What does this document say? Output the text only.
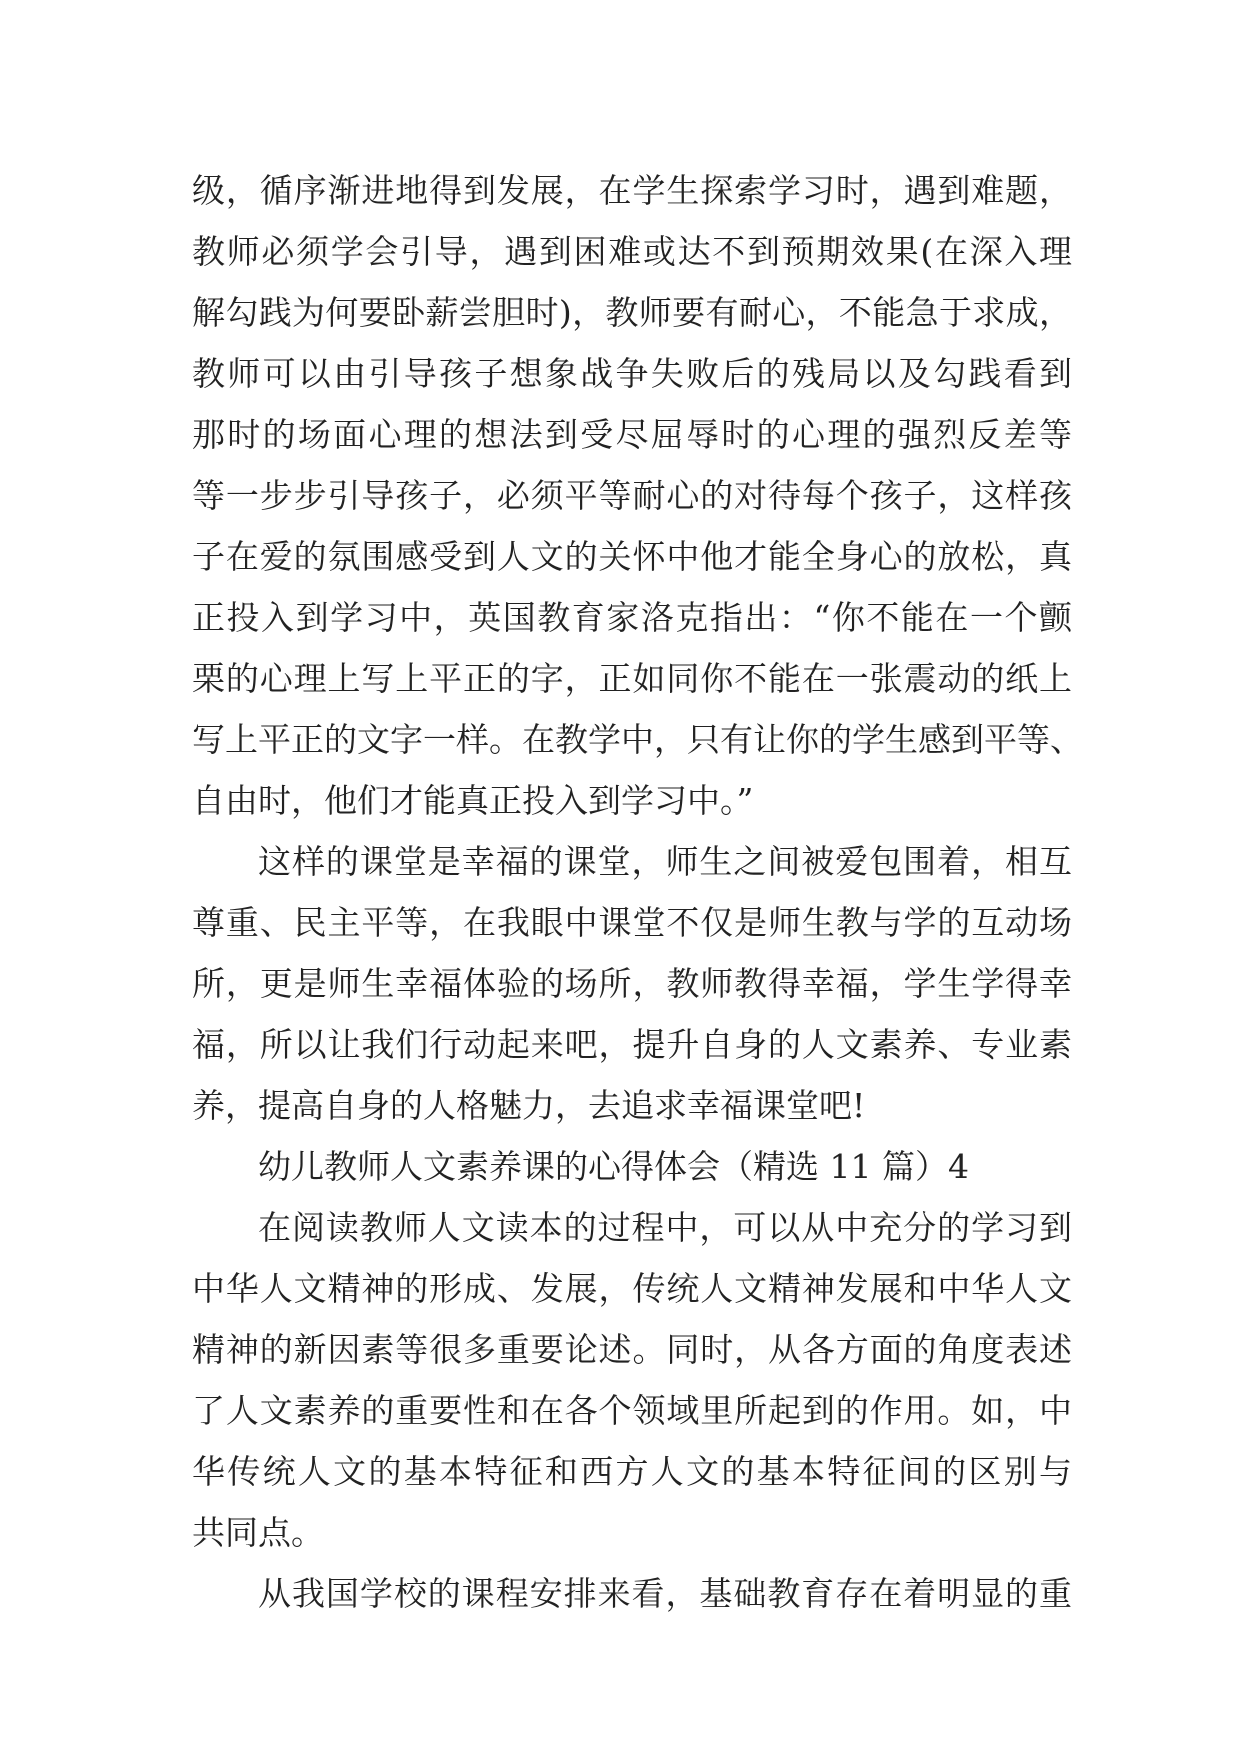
级，循序渐进地得到发展，在学生探索学习时，遇到难题，
教师必须学会引导，遇到困难或达不到预期效果(在深入理
解勾践为何要卧薪尝胆时)，教师要有耐心，不能急于求成，
教师可以由引导孩子想象战争失败后的残局以及勾践看到
那时的场面心理的想法到受尽屈辱时的心理的强烈反差等
等一步步引导孩子，必须平等耐心的对待每个孩子，这样孩
子在爱的氛围感受到人文的关怀中他才能全身心的放松，真
正投入到学习中，英国教育家洛克指出：“你不能在一个颤
栗的心理上写上平正的字，正如同你不能在一张震动的纸上
写上平正的文字一样。在教学中，只有让你的学生感到平等、
自由时，他们才能真正投入到学习中。”
这样的课堂是幸福的课堂，师生之间被爱包围着，相互
尊重、民主平等，在我眼中课堂不仅是师生教与学的互动场
所，更是师生幸福体验的场所，教师教得幸福，学生学得幸
福，所以让我们行动起来吧，提升自身的人文素养、专业素
养，提高自身的人格魅力，去追求幸福课堂吧!
幼儿教师人文素养课的心得体会（精选 11 篇）4
在阅读教师人文读本的过程中，可以从中充分的学习到
中华人文精神的形成、发展，传统人文精神发展和中华人文
精神的新因素等很多重要论述。同时，从各方面的角度表述
了人文素养的重要性和在各个领域里所起到的作用。如，中
华传统人文的基本特征和西方人文的基本特征间的区别与
共同点。
从我国学校的课程安排来看，基础教育存在着明显的重
